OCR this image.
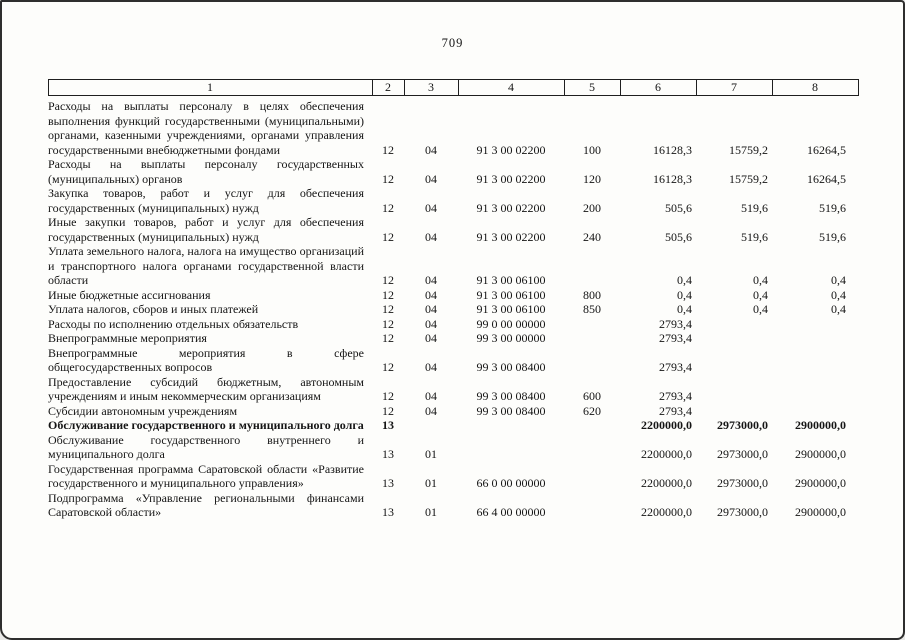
709
1	2	3	4	5	6	7	8
Расходы на выплаты персоналу в целях обеспечения выполнения функций государственными (муниципальными) органами, казенными учреждениями, органами управления государственными внебюджетными фондами	12	04	91 3 00 02200	100	16128,3	15759,2	16264,5
Расходы на выплаты персоналу государственных (муниципальных) органов	12	04	91 3 00 02200	120	16128,3	15759,2	16264,5
Закупка товаров, работ и услуг для обеспечения государственных (муниципальных) нужд	12	04	91 3 00 02200	200	505,6	519,6	519,6
Иные закупки товаров, работ и услуг для обеспечения государственных (муниципальных) нужд	12	04	91 3 00 02200	240	505,6	519,6	519,6
Уплата земельного налога, налога на имущество организаций и транспортного налога органами государственной власти области	12	04	91 3 00 06100		0,4	0,4	0,4
Иные бюджетные ассигнования	12	04	91 3 00 06100	800	0,4	0,4	0,4
Уплата налогов, сборов и иных платежей	12	04	91 3 00 06100	850	0,4	0,4	0,4
Расходы по исполнению отдельных обязательств	12	04	99 0 00 00000		2793,4		
Внепрограммные мероприятия	12	04	99 3 00 00000		2793,4		
Внепрограммные мероприятия в сфере общегосударственных вопросов	12	04	99 3 00 08400		2793,4		
Предоставление субсидий бюджетным, автономным учреждениям и иным некоммерческим организациям	12	04	99 3 00 08400	600	2793,4		
Субсидии автономным учреждениям	12	04	99 3 00 08400	620	2793,4		
Обслуживание государственного и муниципального долга	13				2200000,0	2973000,0	2900000,0
Обслуживание государственного внутреннего и муниципального долга	13	01			2200000,0	2973000,0	2900000,0
Государственная программа Саратовской области «Развитие государственного и муниципального управления»	13	01	66 0 00 00000		2200000,0	2973000,0	2900000,0
Подпрограмма «Управление региональными финансами Саратовской области»	13	01	66 4 00 00000		2200000,0	2973000,0	2900000,0
